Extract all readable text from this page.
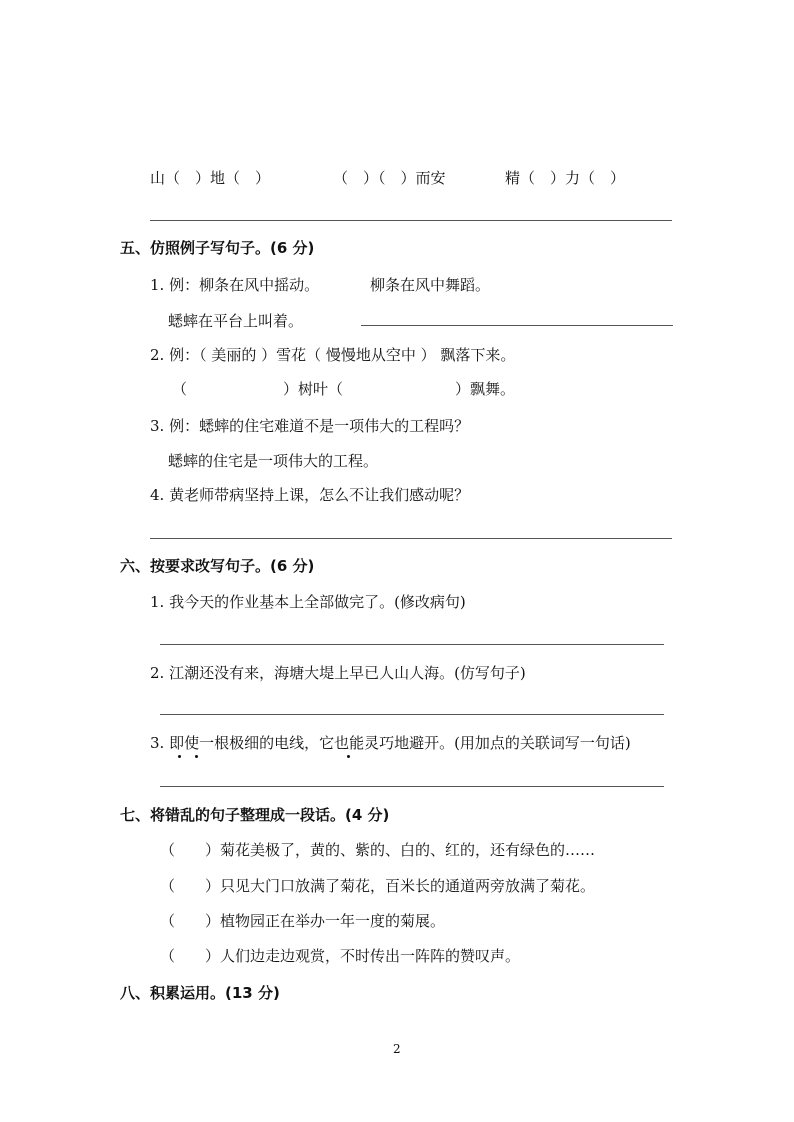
山（　）地（　）	（　）（　）而安	精（　）力（　）
五、仿照例子写句子。(6 分)
1. 例：柳条在风中摇动。	柳条在风中舞蹈。
蟋蟀在平台上叫着。
2. 例：（ 美丽的 ）雪花（ 慢慢地从空中 ） 飘落下来。
（	）树叶（	）飘舞。
3. 例：蟋蟀的住宅难道不是一项伟大的工程吗？
蟋蟀的住宅是一项伟大的工程。
4. 黄老师带病坚持上课，怎么不让我们感动呢？
六、按要求改写句子。(6 分)
1. 我今天的作业基本上全部做完了。(修改病句)
2. 江潮还没有来，海塘大堤上早已人山人海。(仿写句子)
3. 即使一根极细的电线，它也能灵巧地避开。(用加点的关联词写一句话)
七、将错乱的句子整理成一段话。(4 分)
（　　）菊花美极了，黄的、紫的、白的、红的，还有绿色的……
（　　）只见大门口放满了菊花，百米长的通道两旁放满了菊花。
（　　）植物园正在举办一年一度的菊展。
（　　）人们边走边观赏，不时传出一阵阵的赞叹声。
八、积累运用。(13 分)
2
